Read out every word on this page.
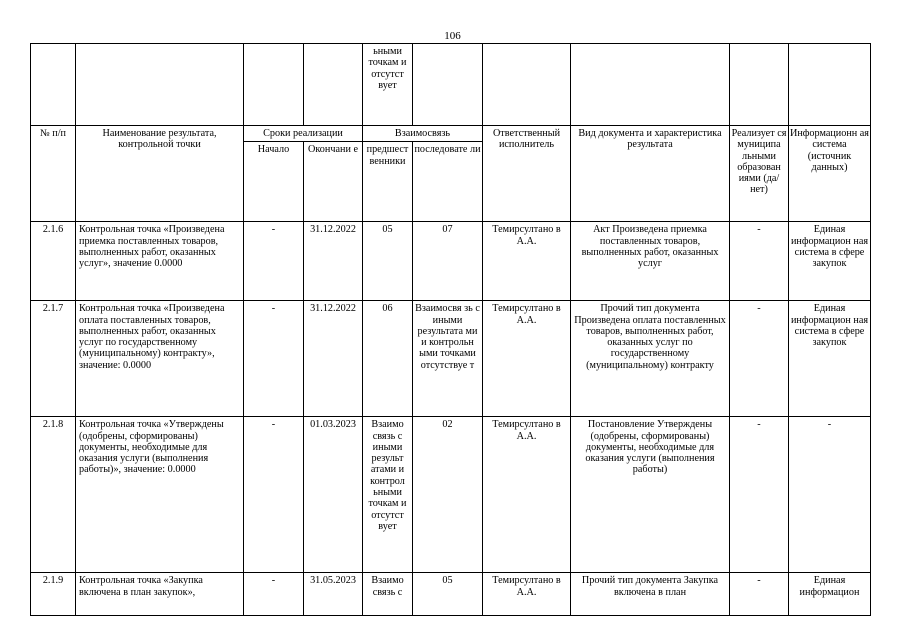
106
				ьными точкам и отсутст вует					
№ п/п	Наименование результата, контрольной точки	Сроки реализации		Взаимосвязь		Ответственный исполнитель	Вид документа и характеристика результата	Реализует ся муниципа льными образован иями (да/нет)	Информационн ая система (источник данных)
		Начало	Окончани е	предшест венники	последовате ли				
2.1.6	Контрольная точка «Произведена приемка поставленных товаров, выполненных работ, оказанных услуг», значение 0.0000	-	31.12.2022	05	07	Темирсултано в А.А.	Акт Произведена приемка поставленных товаров, выполненных работ, оказанных услуг	-	Единая информацион ная система в сфере закупок
2.1.7	Контрольная точка «Произведена оплата поставленных товаров, выполненных работ, оказанных услуг по государственному (муниципальному) контракту», значение: 0.0000	-	31.12.2022	06	Взаимосвя зь с иными результата ми и контрольн ыми точками отсутствуе т	Темирсултано в А.А.	Прочий тип документа Произведена оплата поставленных товаров, выполненных работ, оказанных услуг по государственному (муниципальному) контракту	-	Единая информацион ная система в сфере закупок
2.1.8	Контрольная точка «Утверждены (одобрены, сформированы) документы, необходимые для оказания услуги (выполнения работы)», значение: 0.0000	-	01.03.2023	Взаимо связь с иными результ атами и контрол ьными точкам и отсутст вует	02	Темирсултано в А.А.	Постановление Утверждены (одобрены, сформированы) документы, необходимые для оказания услуги (выполнения работы)	-	-
2.1.9	Контрольная точка «Закупка включена в план закупок»,	-	31.05.2023	Взаимо связь с	05	Темирсултано в А.А.	Прочий тип документа Закупка включена в план	-	Единая информацион
